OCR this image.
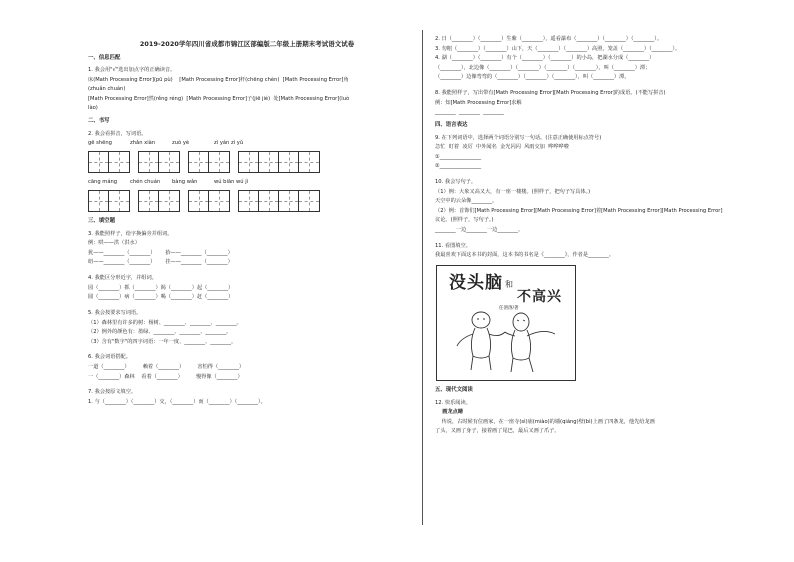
2019-2020学年四川省成都市锦江区部编版二年级上册期末考试语文试卷
一、信息匹配
1. 我会用"√"选出加点字的正确读音。
床(Math Processing Error](pū pù)    [Math Processing Error]杆(chēng chèn)  [Math Processing Error]角
(zhuǎn chuán)
[Math Processing Error]然(rěng réng)  [Math Processing Error]子(jiē jié)  处[Math Processing Error](luò
lào)
二、书写
2. 我会看拼音，写词语。
gē shēng	zhǎn xiàn	zuò yè	zì yán zì yǔ
cāng máng	chén chuán	bàng wǎn	wú biān wú jì
三、填空题
3. 我能照样子，给字换偏旁并组词。
例：哄——洪（洪水）
犹——________（________）      抬——________（________）
纽——________（________）      挂——________（________）
4. 我能区分形近字，并组词。
园（________）抓（________）渴（________）起（________）
圆（________）病（________）喝（________）赶（________）
5. 我会按要求写词语。
（1）森林里有许多的树：杨树、________、________、________。
（2）例外的颜色有：墨绿、________、________、________。
（3）含有"数字"的四字词语：一年一度、________、________。
6. 我会词语搭配。
一道（________）        赖着（________）        害怕得（________）
一（________）森林    看着（________）        慢得像（________）
7. 我会按原文填空。
1. 与（________）（________）交，（________）而（________）（________）。
2. 日（________）（________）生紫（________），遥看瀑布（________）（________）（________）。
3. 勿粗（________）（________）山下，天（________）（________）高照，笼盖（________）（________）。
4. 湖（________）（________）有个（________）（________）的小岛，把湖水分成（________）
（________），北边像（________）（________）（________）（________），叫（________）潭；
（________）边像弯弯的（________）（________）（________），叫（________）潭。
8. 我能照样子，写出带有[Math Processing Error][Math Processing Error]的成语。(不能写拼音)
例：知[Math Processing Error]求解
________  ________  ________
四、语言表达
9. 在下列词语中，选择两个词语分别写一句话。(注意正确使用标点符号)
急忙  盯着  凌厉  中外闻名  金光闪闪  风雨交加  哗哗哗啦
①________________
②________________
10. 我会写句子。
（1）例：大象又高又大，有一座一楼楼。(照样子，把句子写具体。)
天空中的云朵像________。
（2）例：首饰们[Math Processing Error][Math Processing Error]着[Math Processing Error][Math Processing Error]
议论。(照样子，写句子。)
________一边________一边________。
11. 看图填空。
我最喜欢下面这本书的封面，这本书的书名是《________》，作者是________。
没头脑 和
不高兴
任溶溶/著
五、现代文阅读
12. 快乐阅读。
画龙点睛
传说，古时候有位画家，在一座寺(sì)庙(miào)的墙(qiáng)壁(bì)上画了四条龙，他先给龙画
了头，又画了身子，接着画了尾巴，最后又画了爪子。
